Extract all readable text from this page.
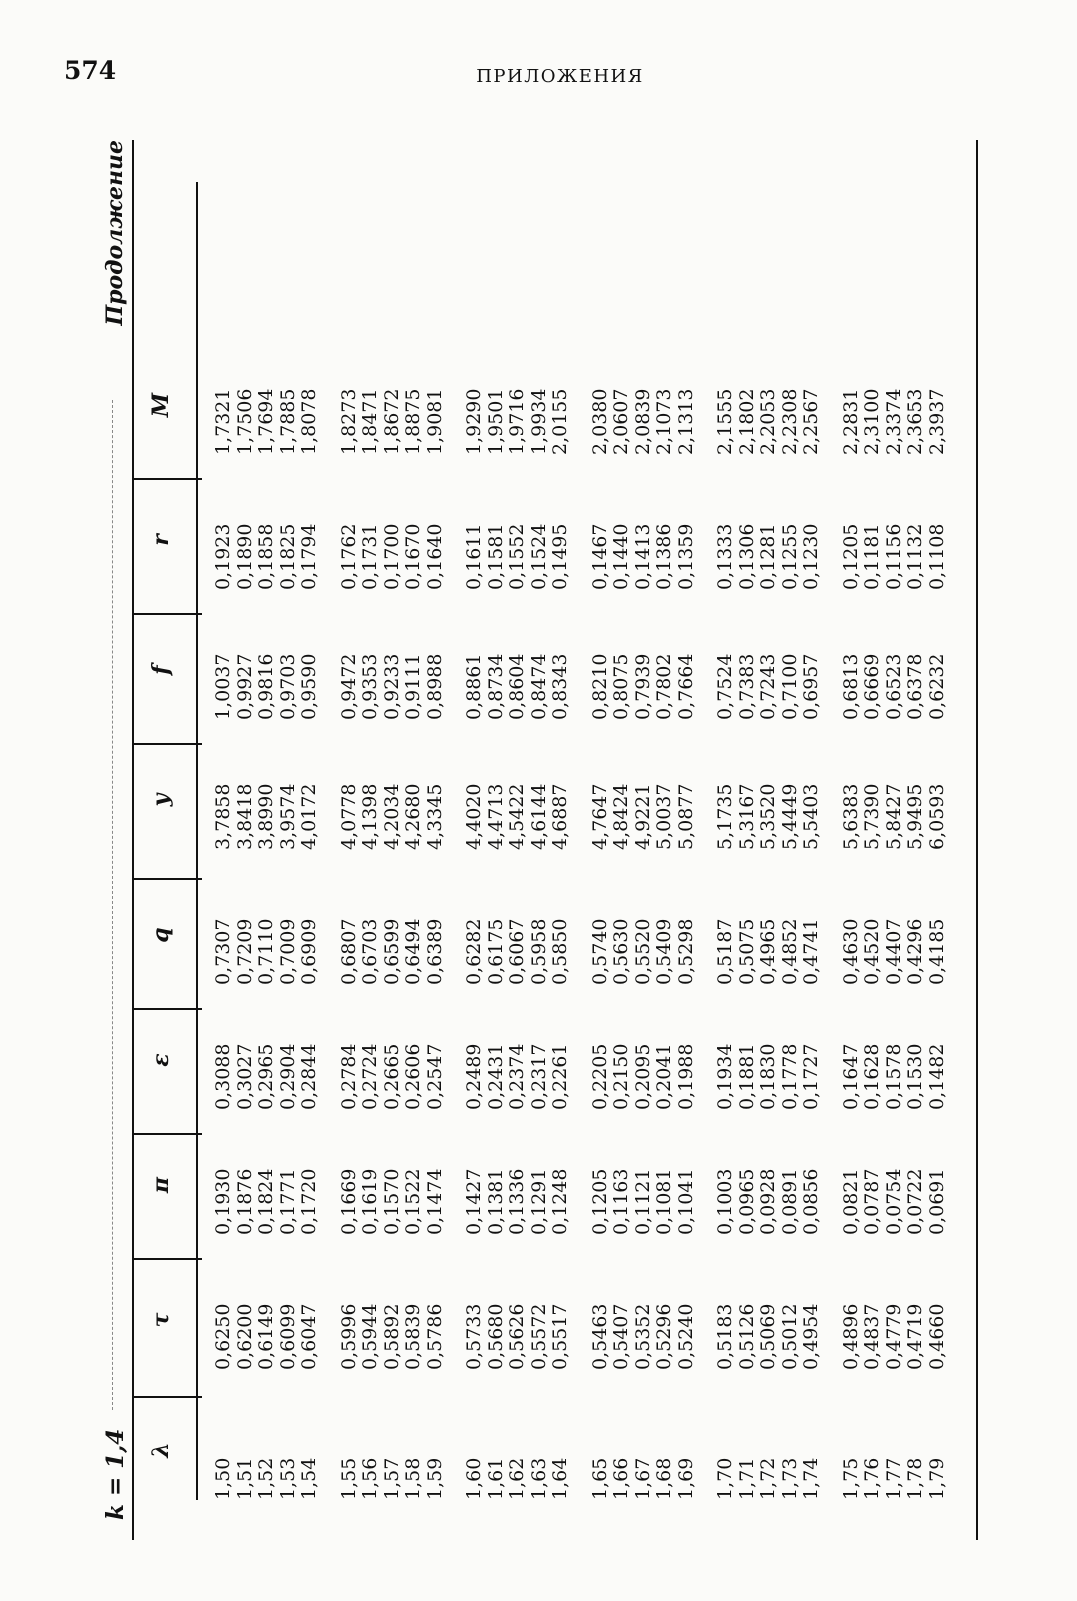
574	ПРИЛОЖЕНИЯ
k = 1,4
Продолжение
λ
τ
π
ε
q
y
f
r
M
1,50
0,6250
0,1930
0,3088
0,7307
3,7858
1,0037
0,1923
1,7321
1,51
0,6200
0,1876
0,3027
0,7209
3,8418
0,9927
0,1890
1,7506
1,52
0,6149
0,1824
0,2965
0,7110
3,8990
0,9816
0,1858
1,7694
1,53
0,6099
0,1771
0,2904
0,7009
3,9574
0,9703
0,1825
1,7885
1,54
0,6047
0,1720
0,2844
0,6909
4,0172
0,9590
0,1794
1,8078
1,55
0,5996
0,1669
0,2784
0,6807
4,0778
0,9472
0,1762
1,8273
1,56
0,5944
0,1619
0,2724
0,6703
4,1398
0,9353
0,1731
1,8471
1,57
0,5892
0,1570
0,2665
0,6599
4,2034
0,9233
0,1700
1,8672
1,58
0,5839
0,1522
0,2606
0,6494
4,2680
0,9111
0,1670
1,8875
1,59
0,5786
0,1474
0,2547
0,6389
4,3345
0,8988
0,1640
1,9081
1,60
0,5733
0,1427
0,2489
0,6282
4,4020
0,8861
0,1611
1,9290
1,61
0,5680
0,1381
0,2431
0,6175
4,4713
0,8734
0,1581
1,9501
1,62
0,5626
0,1336
0,2374
0,6067
4,5422
0,8604
0,1552
1,9716
1,63
0,5572
0,1291
0,2317
0,5958
4,6144
0,8474
0,1524
1,9934
1,64
0,5517
0,1248
0,2261
0,5850
4,6887
0,8343
0,1495
2,0155
1,65
0,5463
0,1205
0,2205
0,5740
4,7647
0,8210
0,1467
2,0380
1,66
0,5407
0,1163
0,2150
0,5630
4,8424
0,8075
0,1440
2,0607
1,67
0,5352
0,1121
0,2095
0,5520
4,9221
0,7939
0,1413
2,0839
1,68
0,5296
0,1081
0,2041
0,5409
5,0037
0,7802
0,1386
2,1073
1,69
0,5240
0,1041
0,1988
0,5298
5,0877
0,7664
0,1359
2,1313
1,70
0,5183
0,1003
0,1934
0,5187
5,1735
0,7524
0,1333
2,1555
1,71
0,5126
0,0965
0,1881
0,5075
5,3167
0,7383
0,1306
2,1802
1,72
0,5069
0,0928
0,1830
0,4965
5,3520
0,7243
0,1281
2,2053
1,73
0,5012
0,0891
0,1778
0,4852
5,4449
0,7100
0,1255
2,2308
1,74
0,4954
0,0856
0,1727
0,4741
5,5403
0,6957
0,1230
2,2567
1,75
0,4896
0,0821
0,1647
0,4630
5,6383
0,6813
0,1205
2,2831
1,76
0,4837
0,0787
0,1628
0,4520
5,7390
0,6669
0,1181
2,3100
1,77
0,4779
0,0754
0,1578
0,4407
5,8427
0,6523
0,1156
2,3374
1,78
0,4719
0,0722
0,1530
0,4296
5,9495
0,6378
0,1132
2,3653
1,79
0,4660
0,0691
0,1482
0,4185
6,0593
0,6232
0,1108
2,3937
